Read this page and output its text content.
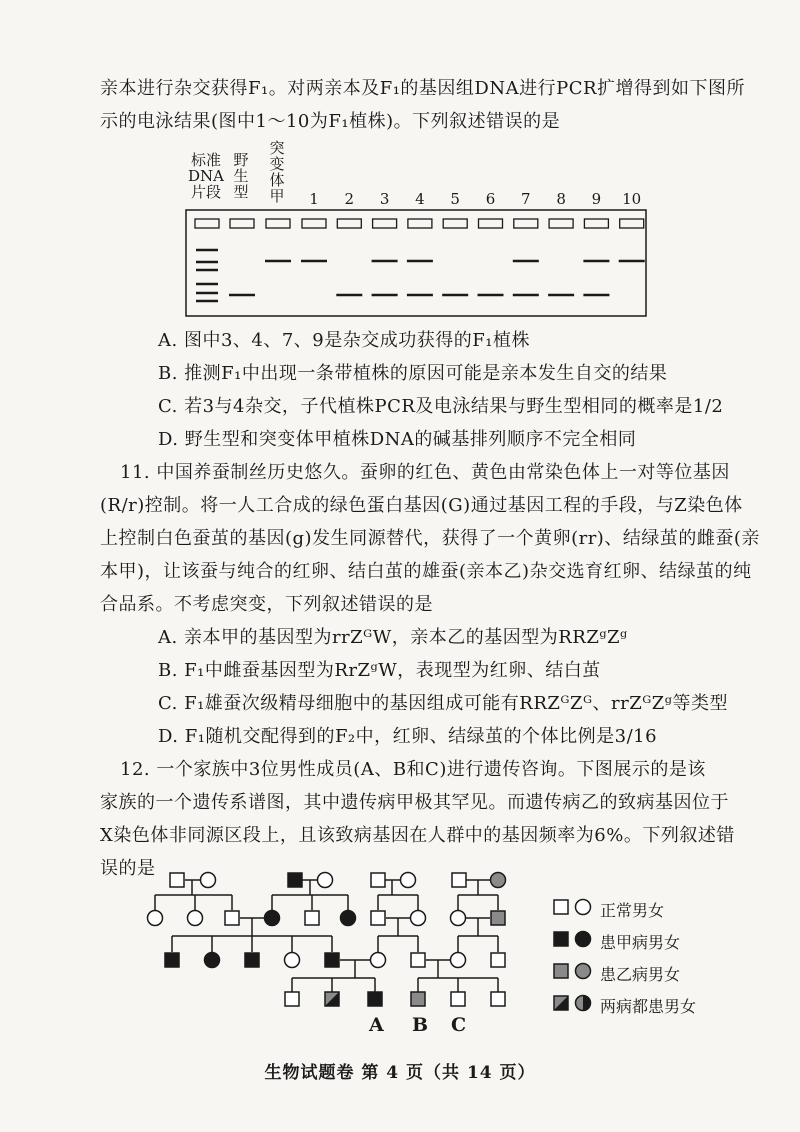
亲本进行杂交获得F₁。对两亲本及F₁的基因组DNA进行PCR扩增得到如下图所
示的电泳结果(图中1～10为F₁植株)。下列叙述错误的是
标准
DNA
片段
野
生
型
突
变
体
甲	1	2	3	4	5	6	7	8	9	10
A. 图中3、4、7、9是杂交成功获得的F₁植株
B. 推测F₁中出现一条带植株的原因可能是亲本发生自交的结果
C. 若3与4杂交，子代植株PCR及电泳结果与野生型相同的概率是1/2
D. 野生型和突变体甲植株DNA的碱基排列顺序不完全相同
11. 中国养蚕制丝历史悠久。蚕卵的红色、黄色由常染色体上一对等位基因
(R/r)控制。将一人工合成的绿色蛋白基因(G)通过基因工程的手段，与Z染色体
上控制白色蚕茧的基因(g)发生同源替代，获得了一个黄卵(rr)、结绿茧的雌蚕(亲
本甲)，让该蚕与纯合的红卵、结白茧的雄蚕(亲本乙)杂交选育红卵、结绿茧的纯
合品系。不考虑突变，下列叙述错误的是
A. 亲本甲的基因型为rrZᴳW，亲本乙的基因型为RRZᵍZᵍ
B. F₁中雌蚕基因型为RrZᵍW，表现型为红卵、结白茧
C. F₁雄蚕次级精母细胞中的基因组成可能有RRZᴳZᴳ、rrZᴳZᵍ等类型
D. F₁随机交配得到的F₂中，红卵、结绿茧的个体比例是3/16
12. 一个家族中3位男性成员(A、B和C)进行遗传咨询。下图展示的是该
家族的一个遗传系谱图，其中遗传病甲极其罕见。而遗传病乙的致病基因位于
X染色体非同源区段上，且该致病基因在人群中的基因频率为6%。下列叙述错
误的是
A B C
正常男女
患甲病男女
患乙病男女
两病都患男女
生物试题卷 第 4 页（共 14 页）
